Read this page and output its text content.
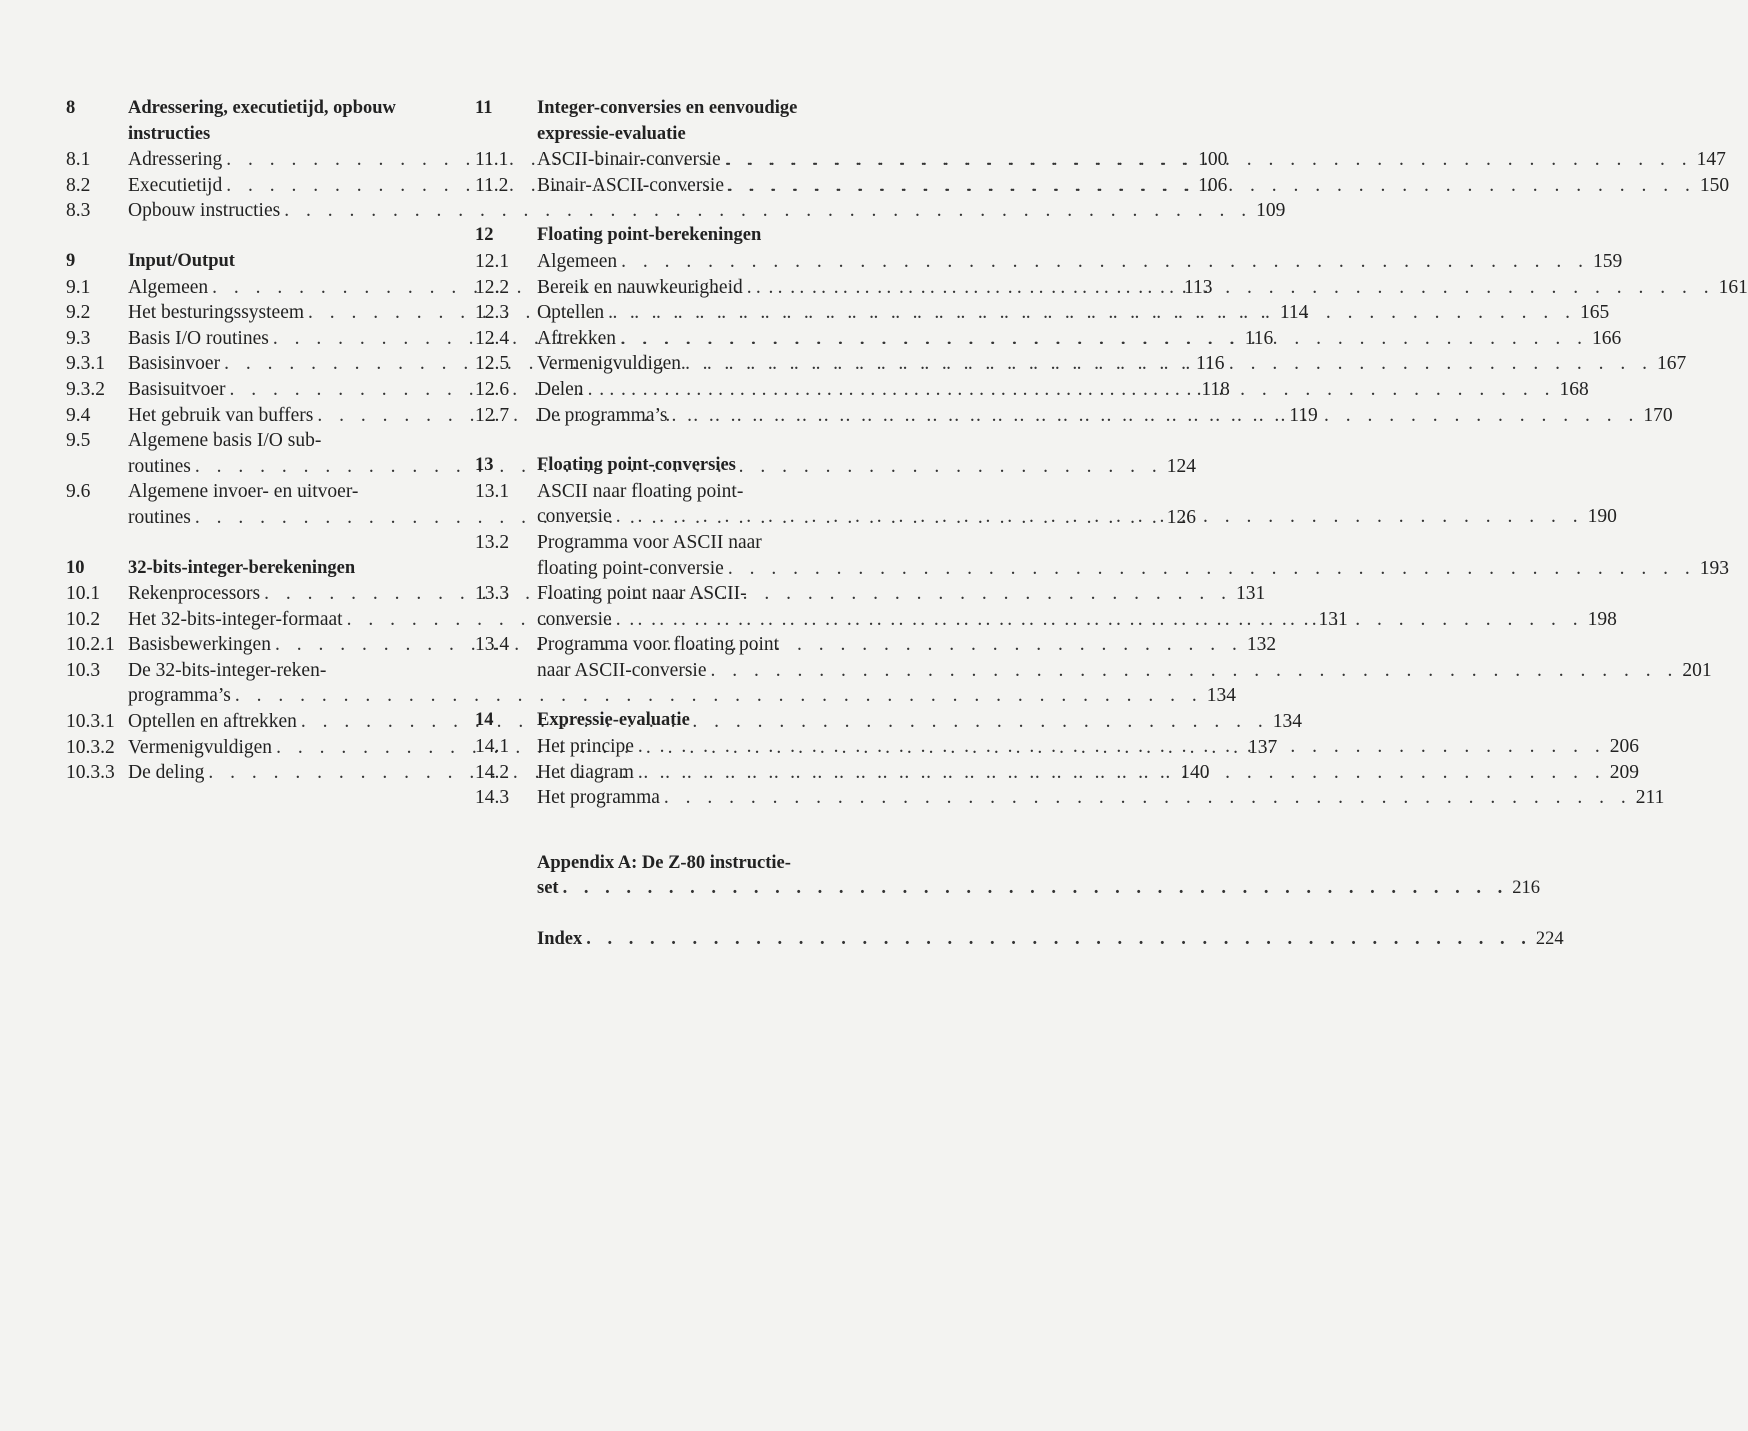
8	Adressering, executietijd, opbouw instructies
8.1	Adressering . . .	100
8.2	Executietijd . . .	106
8.3	Opbouw instructies . . .	109
9	Input/Output
9.1	Algemeen . . .	113
9.2	Het besturingssysteem . . .	114
9.3	Basis I/O routines . . .	116
9.3.1	Basisinvoer . . .	116
9.3.2	Basisuitvoer . . .	118
9.4	Het gebruik van buffers . . .	119
9.5	Algemene basis I/O sub-
routines . . .	124
9.6	Algemene invoer- en uitvoer-
routines . . .	126
10	32-bits-integer-berekeningen
10.1	Rekenprocessors . . .	131
10.2	Het 32-bits-integer-formaat . . .	131
10.2.1 Basisbewerkingen . . .	132
10.3	De 32-bits-integer-reken-
programma’s . . .	134
10.3.1 Optellen en aftrekken . . .	134
10.3.2 Vermenigvuldigen . . .	137
10.3.3 De deling . . .	140
11	Integer-conversies en eenvoudige expressie-evaluatie
11.1	ASCII-binair-conversie . . .	147
11.2	Binair-ASCII-conversie . . .	150
12	Floating point-berekeningen
12.1	Algemeen . . .	159
12.2	Bereik en nauwkeurigheid . . .	161
12.3	Optellen . . .	165
12.4	Aftrekken . . .	166
12.5	Vermenigvuldigen . . .	167
12.6	Delen . . .	168
12.7	De programma’s . . .	170
13	Floating point-conversies
13.1	ASCII naar floating point-
conversie . . .	190
13.2	Programma voor ASCII naar
floating point-conversie . . .	193
13.3	Floating point naar ASCII-
conversie . . .	198
13.4	Programma voor floating point
naar ASCII-conversie . . .	201
14	Expressie-evaluatie
14.1	Het principe . . .	206
14.2	Het diagram . . .	209
14.3	Het programma . . .	211
Appendix A: De Z-80 instructie-
set . . .	216
Index . . .	224
